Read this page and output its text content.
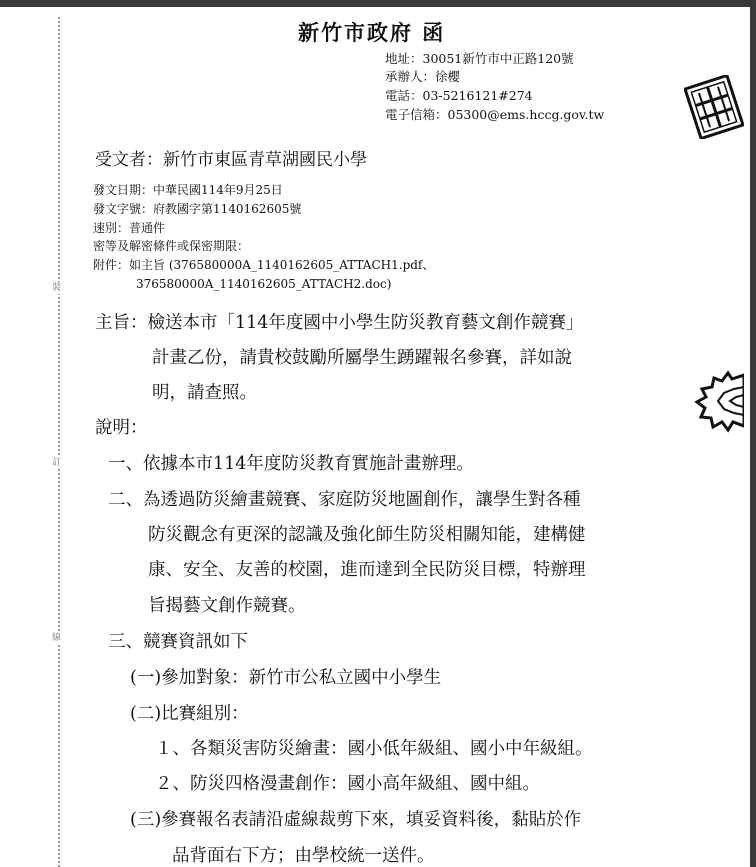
裝
訂
線
新竹市政府 函
地址：30051新竹市中正路120號
承辦人：徐櫻
電話：03-5216121#274
電子信箱：05300@ems.hccg.gov.tw
受文者：新竹市東區青草湖國民小學
發文日期：中華民國114年9月25日
發文字號：府教國字第1140162605號
速別：普通件
密等及解密條件或保密期限：
附件：如主旨 (376580000A_1140162605_ATTACH1.pdf、
376580000A_1140162605_ATTACH2.doc)
主旨：檢送本市「114年度國中小學生防災教育藝文創作競賽」
計畫乙份，請貴校鼓勵所屬學生踴躍報名參賽，詳如說
明，請查照。
說明：
一、依據本市114年度防災教育實施計畫辦理。
二、為透過防災繪畫競賽、家庭防災地圖創作，讓學生對各種
防災觀念有更深的認識及強化師生防災相關知能，建構健
康、安全、友善的校園，進而達到全民防災目標，特辦理
旨揭藝文創作競賽。
三、競賽資訊如下
(一)參加對象：新竹市公私立國中小學生
(二)比賽組別：
１、各類災害防災繪畫：國小低年級組、國小中年級組。
２、防災四格漫畫創作：國小高年級組、國中組。
(三)參賽報名表請沿虛線裁剪下來，填妥資料後，黏貼於作
品背面右下方；由學校統一送件。
